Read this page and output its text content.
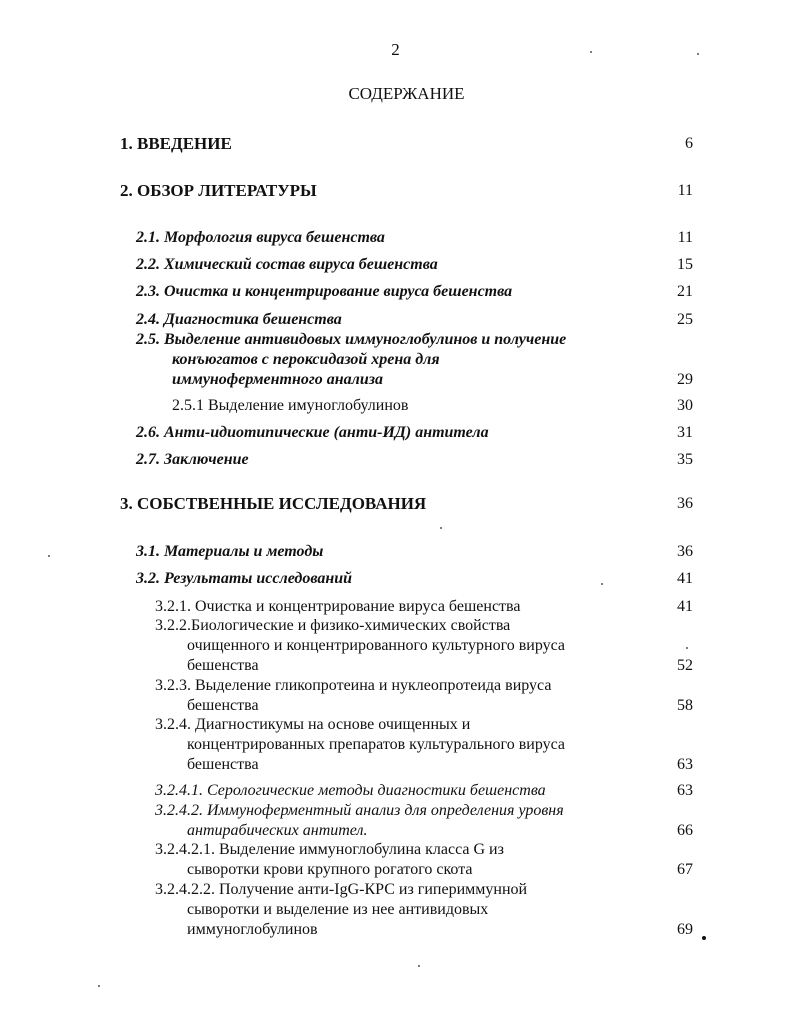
2
СОДЕРЖАНИЕ
1. ВВЕДЕНИЕ	6
2. ОБЗОР ЛИТЕРАТУРЫ	11
2.1. Морфология вируса бешенства	11
2.2. Химический состав вируса бешенства	15
2.3. Очистка и концентрирование вируса бешенства	21
2.4. Диагностика бешенства	25
2.5. Выделение антивидовых иммуноглобулинов и получение
конъюгатов с пероксидазой хрена для
иммуноферментного анализа	29
2.5.1 Выделение имуноглобулинов	30
2.6. Анти-идиотипические (анти-ИД) антитела	31
2.7. Заключение	35
3. СОБСТВЕННЫЕ ИССЛЕДОВАНИЯ	36
3.1. Материалы и методы	36
3.2. Результаты исследований	41
3.2.1. Очистка и концентрирование вируса бешенства	41
3.2.2.Биологические и физико-химических свойства
очищенного и концентрированного культурного вируса
бешенства	52
3.2.3. Выделение гликопротеина и нуклеопротеида вируса
бешенства	58
3.2.4. Диагностикумы на основе очищенных и
концентрированных препаратов культурального вируса
бешенства	63
3.2.4.1. Серологические методы диагностики бешенства	63
3.2.4.2. Иммуноферментный анализ для определения уровня
антирабических антител.	66
3.2.4.2.1. Выделение иммуноглобулина класса G из
сыворотки крови крупного рогатого скота	67
3.2.4.2.2. Получение анти-IgG-КРС из гипериммунной
сыворотки и выделение из нее антивидовых
иммуноглобулинов	69
